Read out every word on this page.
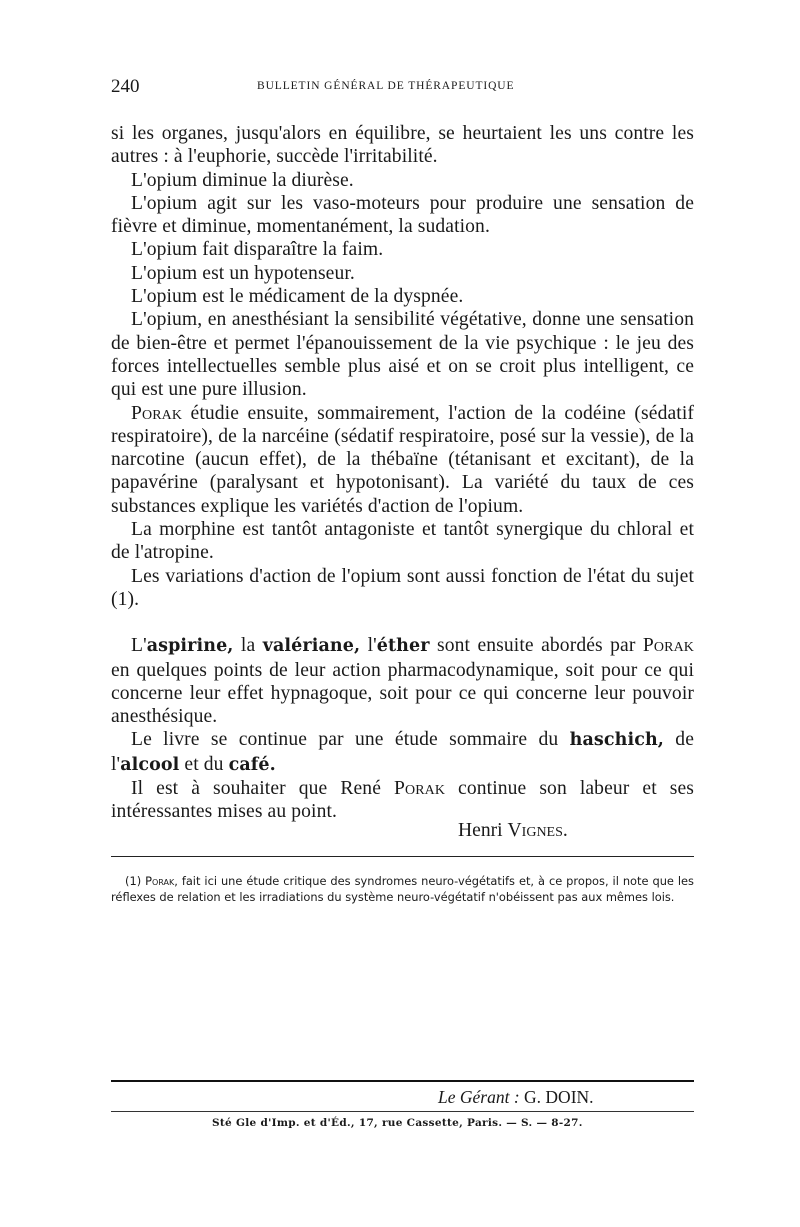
240	BULLETIN GÉNÉRAL DE THÉRAPEUTIQUE

si les organes, jusqu'alors en équilibre, se heurtaient les uns contre les autres : à l'euphorie, succède l'irritabilité.

L'opium diminue la diurèse.

L'opium agit sur les vaso-moteurs pour produire une sensation de fièvre et diminue, momentanément, la sudation.

L'opium fait disparaître la faim.

L'opium est un hypotenseur.

L'opium est le médicament de la dyspnée.

L'opium, en anesthésiant la sensibilité végétative, donne une sensation de bien-être et permet l'épanouissement de la vie psychique : le jeu des forces intellectuelles semble plus aisé et on se croit plus intelligent, ce qui est une pure illusion.

Porak étudie ensuite, sommairement, l'action de la codéine (sédatif respiratoire), de la narcéine (sédatif respiratoire, posé sur la vessie), de la narcotine (aucun effet), de la thébaïne (tétanisant et excitant), de la papavérine (paralysant et hypotonisant). La variété du taux de ces substances explique les variétés d'action de l'opium.

La morphine est tantôt antagoniste et tantôt synergique du chloral et de l'atropine.

Les variations d'action de l'opium sont aussi fonction de l'état du sujet (1).

L'aspirine, la valériane, l'éther sont ensuite abordés par Porak en quelques points de leur action pharmacodynamique, soit pour ce qui concerne leur effet hypnagoque, soit pour ce qui concerne leur pouvoir anesthésique.

Le livre se continue par une étude sommaire du haschich, de l'alcool et du café.

Il est à souhaiter que René Porak continue son labeur et ses intéressantes mises au point.

Henri Vignes.

(1) Porak, fait ici une étude critique des syndromes neuro-végétatifs et, à ce propos, il note que les réflexes de relation et les irradiations du système neuro-végétatif n'obéissent pas aux mêmes lois.

Le Gérant : G. DOIN.
Sté Gle d'Imp. et d'Éd., 17, rue Cassette, Paris. — S. — 8-27.
